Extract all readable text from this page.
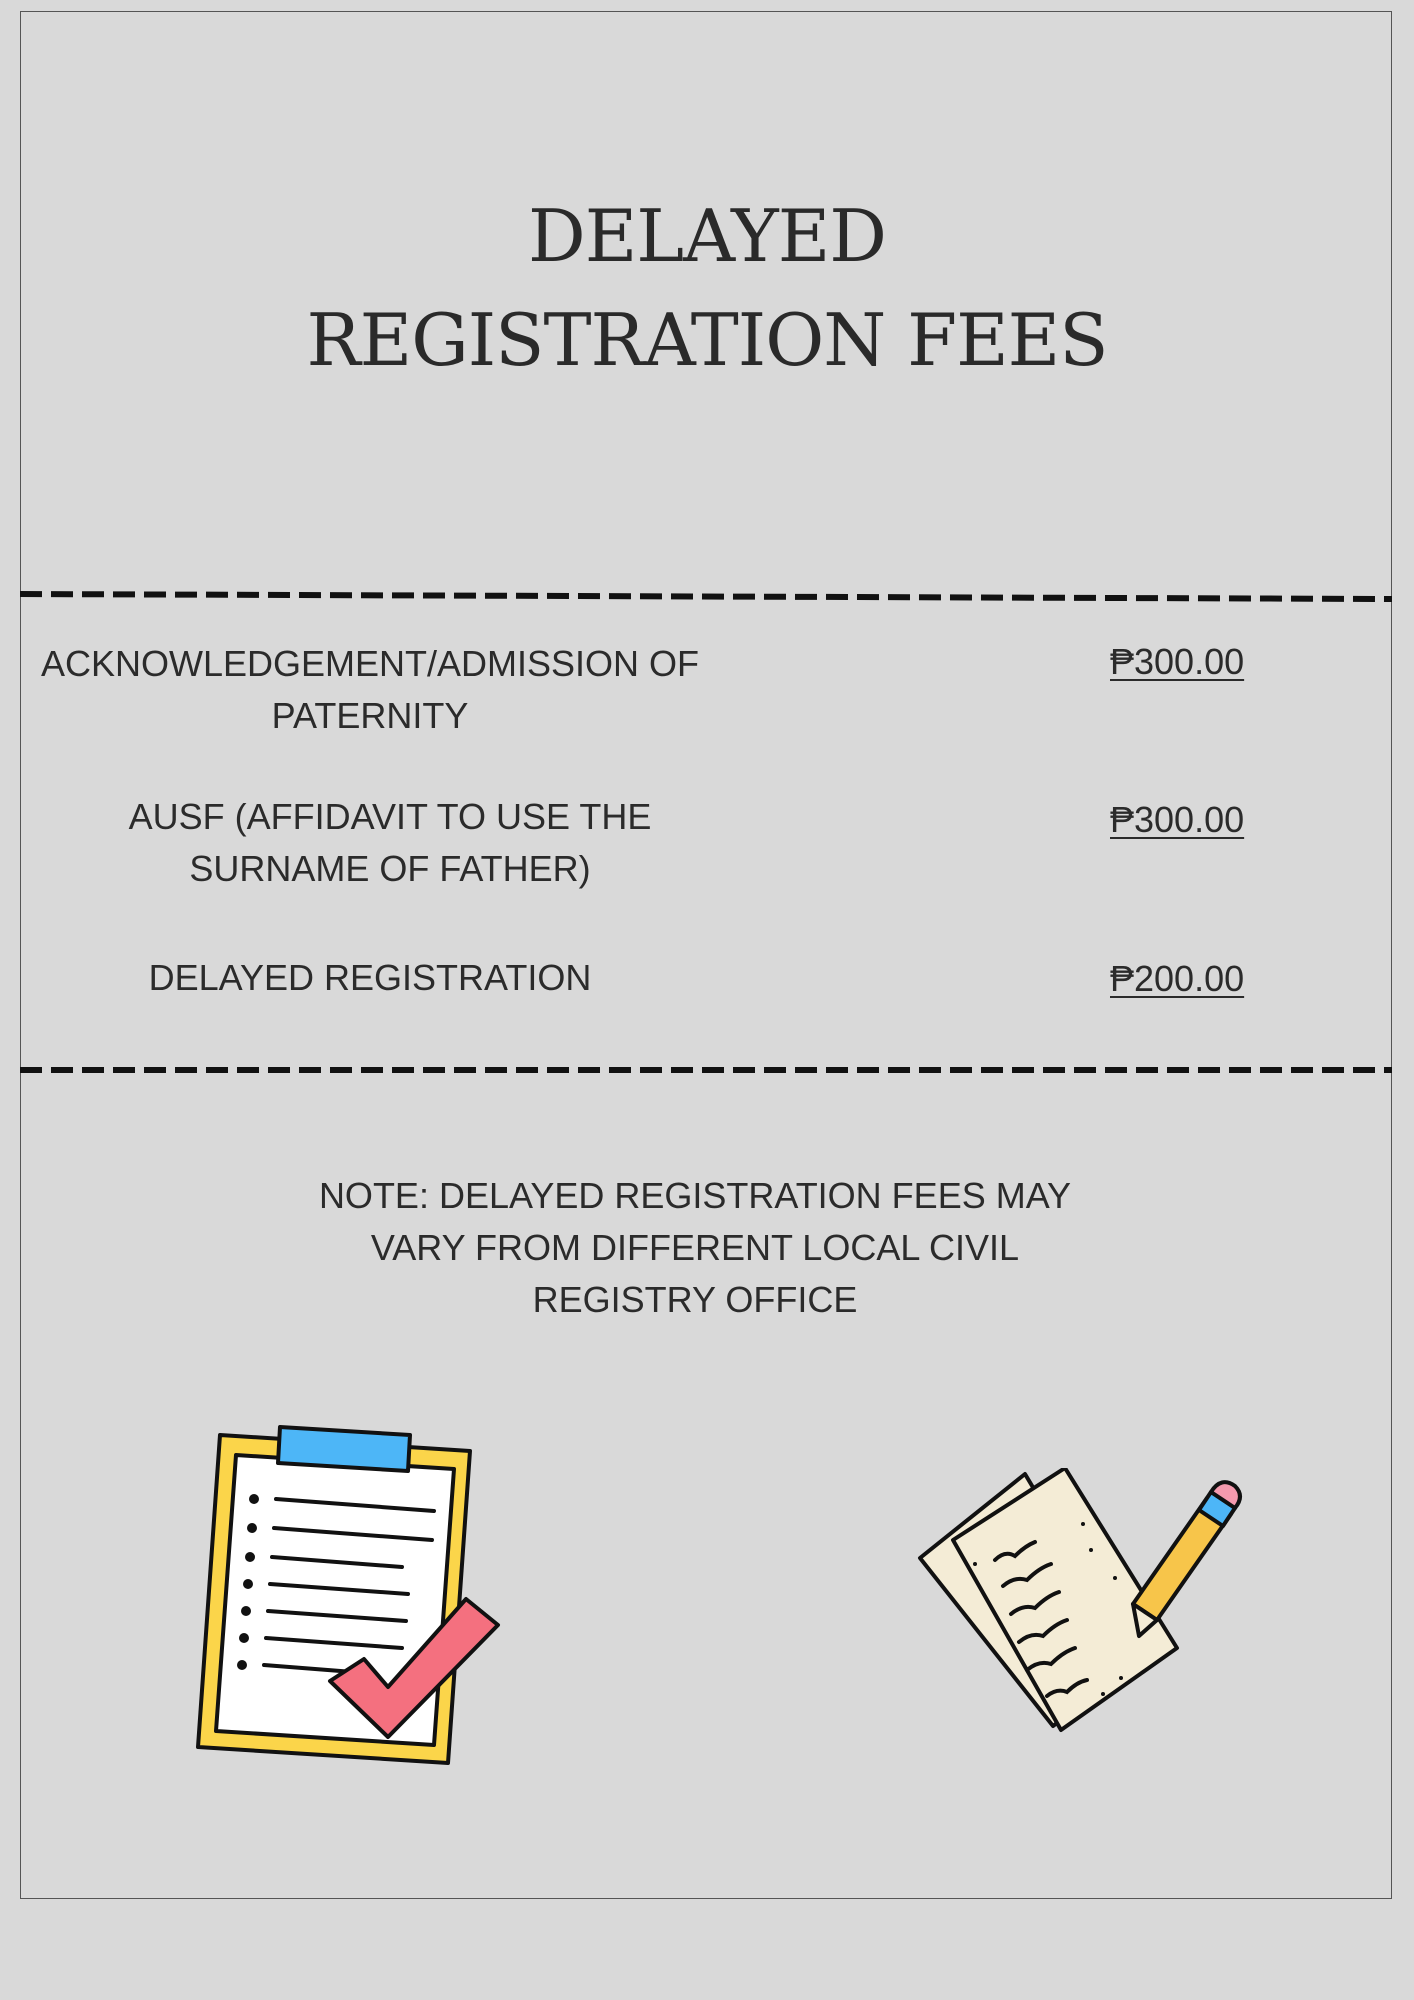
DELAYED
REGISTRATION FEES

ACKNOWLEDGEMENT/ADMISSION OF
PATERNITY

₱300.00

AUSF (AFFIDAVIT TO USE THE
SURNAME OF FATHER)

₱300.00

DELAYED REGISTRATION	₱200.00

NOTE: DELAYED REGISTRATION FEES MAY
VARY FROM DIFFERENT LOCAL CIVIL
REGISTRY OFFICE
